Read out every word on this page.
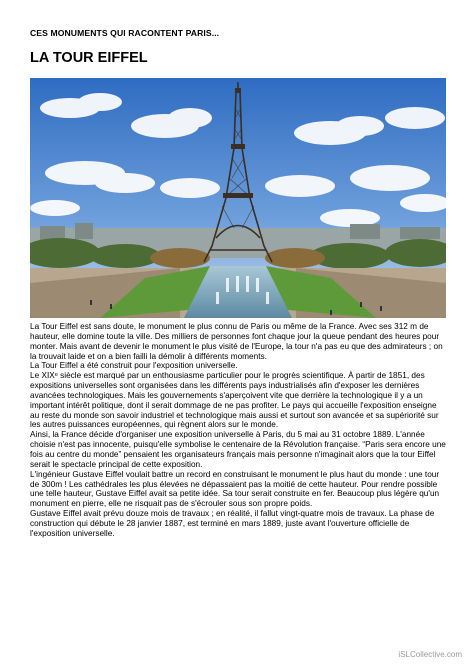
CES MONUMENTS QUI RACONTENT PARIS...
LA TOUR EIFFEL

La Tour Eiffel est sans doute, le monument le plus connu de Paris ou même de la France. Avec ses 312 m de hauteur, elle domine toute la ville. Des milliers de personnes font chaque jour la queue pendant des heures pour monter. Mais avant de devenir le monument le plus visité de l'Europe, la tour n'a pas eu que des admirateurs ; on la trouvait laide et on a bien failli la démolir à différents moments.

La Tour Eiffel a été construit pour l'exposition universelle.

Le XIXᵉ siècle est marqué par un enthousiasme particulier pour le progrès scientifique. À partir de 1851, des expositions universelles sont organisées dans les différents pays industrialisés afin d'exposer les dernières avancées technologiques. Mais les gouvernements s'aperçoivent vite que derrière la technologique il y a un important intérêt politique, dont il serait dommage de ne pas profiter. Le pays qui accueille l'exposition enseigne au reste du monde son savoir industriel et technologique mais aussi et surtout son avancée et sa supériorité sur les autres puissances européennes, qui règnent alors sur le monde.

Ainsi, la France décide d'organiser une exposition universelle à Paris, du 5 mai au 31 octobre 1889. L'année choisie n'est pas innocente, puisqu'elle symbolise le centenaire de la Révolution française. “Paris sera encore une fois au centre du monde” pensaient les organisateurs français mais personne n'imaginait alors que la tour Eiffel serait le spectacle principal de cette exposition.

L'ingénieur Gustave Eiffel voulait battre un record en construisant le monument le plus haut du monde : une tour de 300m ! Les cathédrales les plus élevées ne dépassaient pas la moitié de cette hauteur. Pour rendre possible une telle hauteur, Gustave Eiffel avait sa petite idée. Sa tour serait construite en fer. Beaucoup plus légère qu'un monument en pierre, elle ne risquait pas de s'écrouler sous son propre poids.

Gustave Eiffel avait prévu douze mois de travaux ; en réalité, il fallut vingt-quatre mois de travaux. La phase de construction qui débute le 28 janvier 1887, est terminé en mars 1889, juste avant l'ouverture officielle de l'exposition universelle.

iSLCollective.com
